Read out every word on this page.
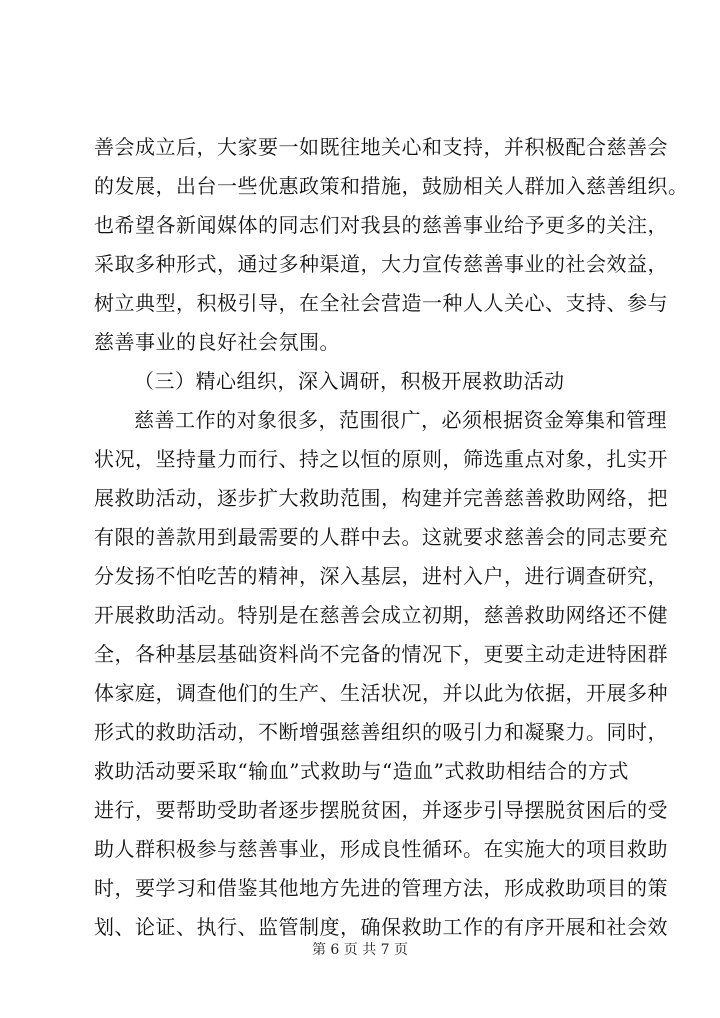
善会成立后，大家要一如既往地关心和支持，并积极配合慈善会
的发展，出台一些优惠政策和措施，鼓励相关人群加入慈善组织。
也希望各新闻媒体的同志们对我县的慈善事业给予更多的关注，
采取多种形式，通过多种渠道，大力宣传慈善事业的社会效益，
树立典型，积极引导，在全社会营造一种人人关心、支持、参与
慈善事业的良好社会氛围。
（三）精心组织，深入调研，积极开展救助活动
慈善工作的对象很多，范围很广，必须根据资金筹集和管理
状况，坚持量力而行、持之以恒的原则，筛选重点对象，扎实开
展救助活动，逐步扩大救助范围，构建并完善慈善救助网络，把
有限的善款用到最需要的人群中去。这就要求慈善会的同志要充
分发扬不怕吃苦的精神，深入基层，进村入户，进行调查研究，
开展救助活动。特别是在慈善会成立初期，慈善救助网络还不健
全，各种基层基础资料尚不完备的情况下，更要主动走进特困群
体家庭，调查他们的生产、生活状况，并以此为依据，开展多种
形式的救助活动，不断增强慈善组织的吸引力和凝聚力。同时，
救助活动要采取“输血”式救助与“造血”式救助相结合的方式
进行，要帮助受助者逐步摆脱贫困，并逐步引导摆脱贫困后的受
助人群积极参与慈善事业，形成良性循环。在实施大的项目救助
时，要学习和借鉴其他地方先进的管理方法，形成救助项目的策
划、论证、执行、监管制度，确保救助工作的有序开展和社会效
第 6 页 共 7 页
